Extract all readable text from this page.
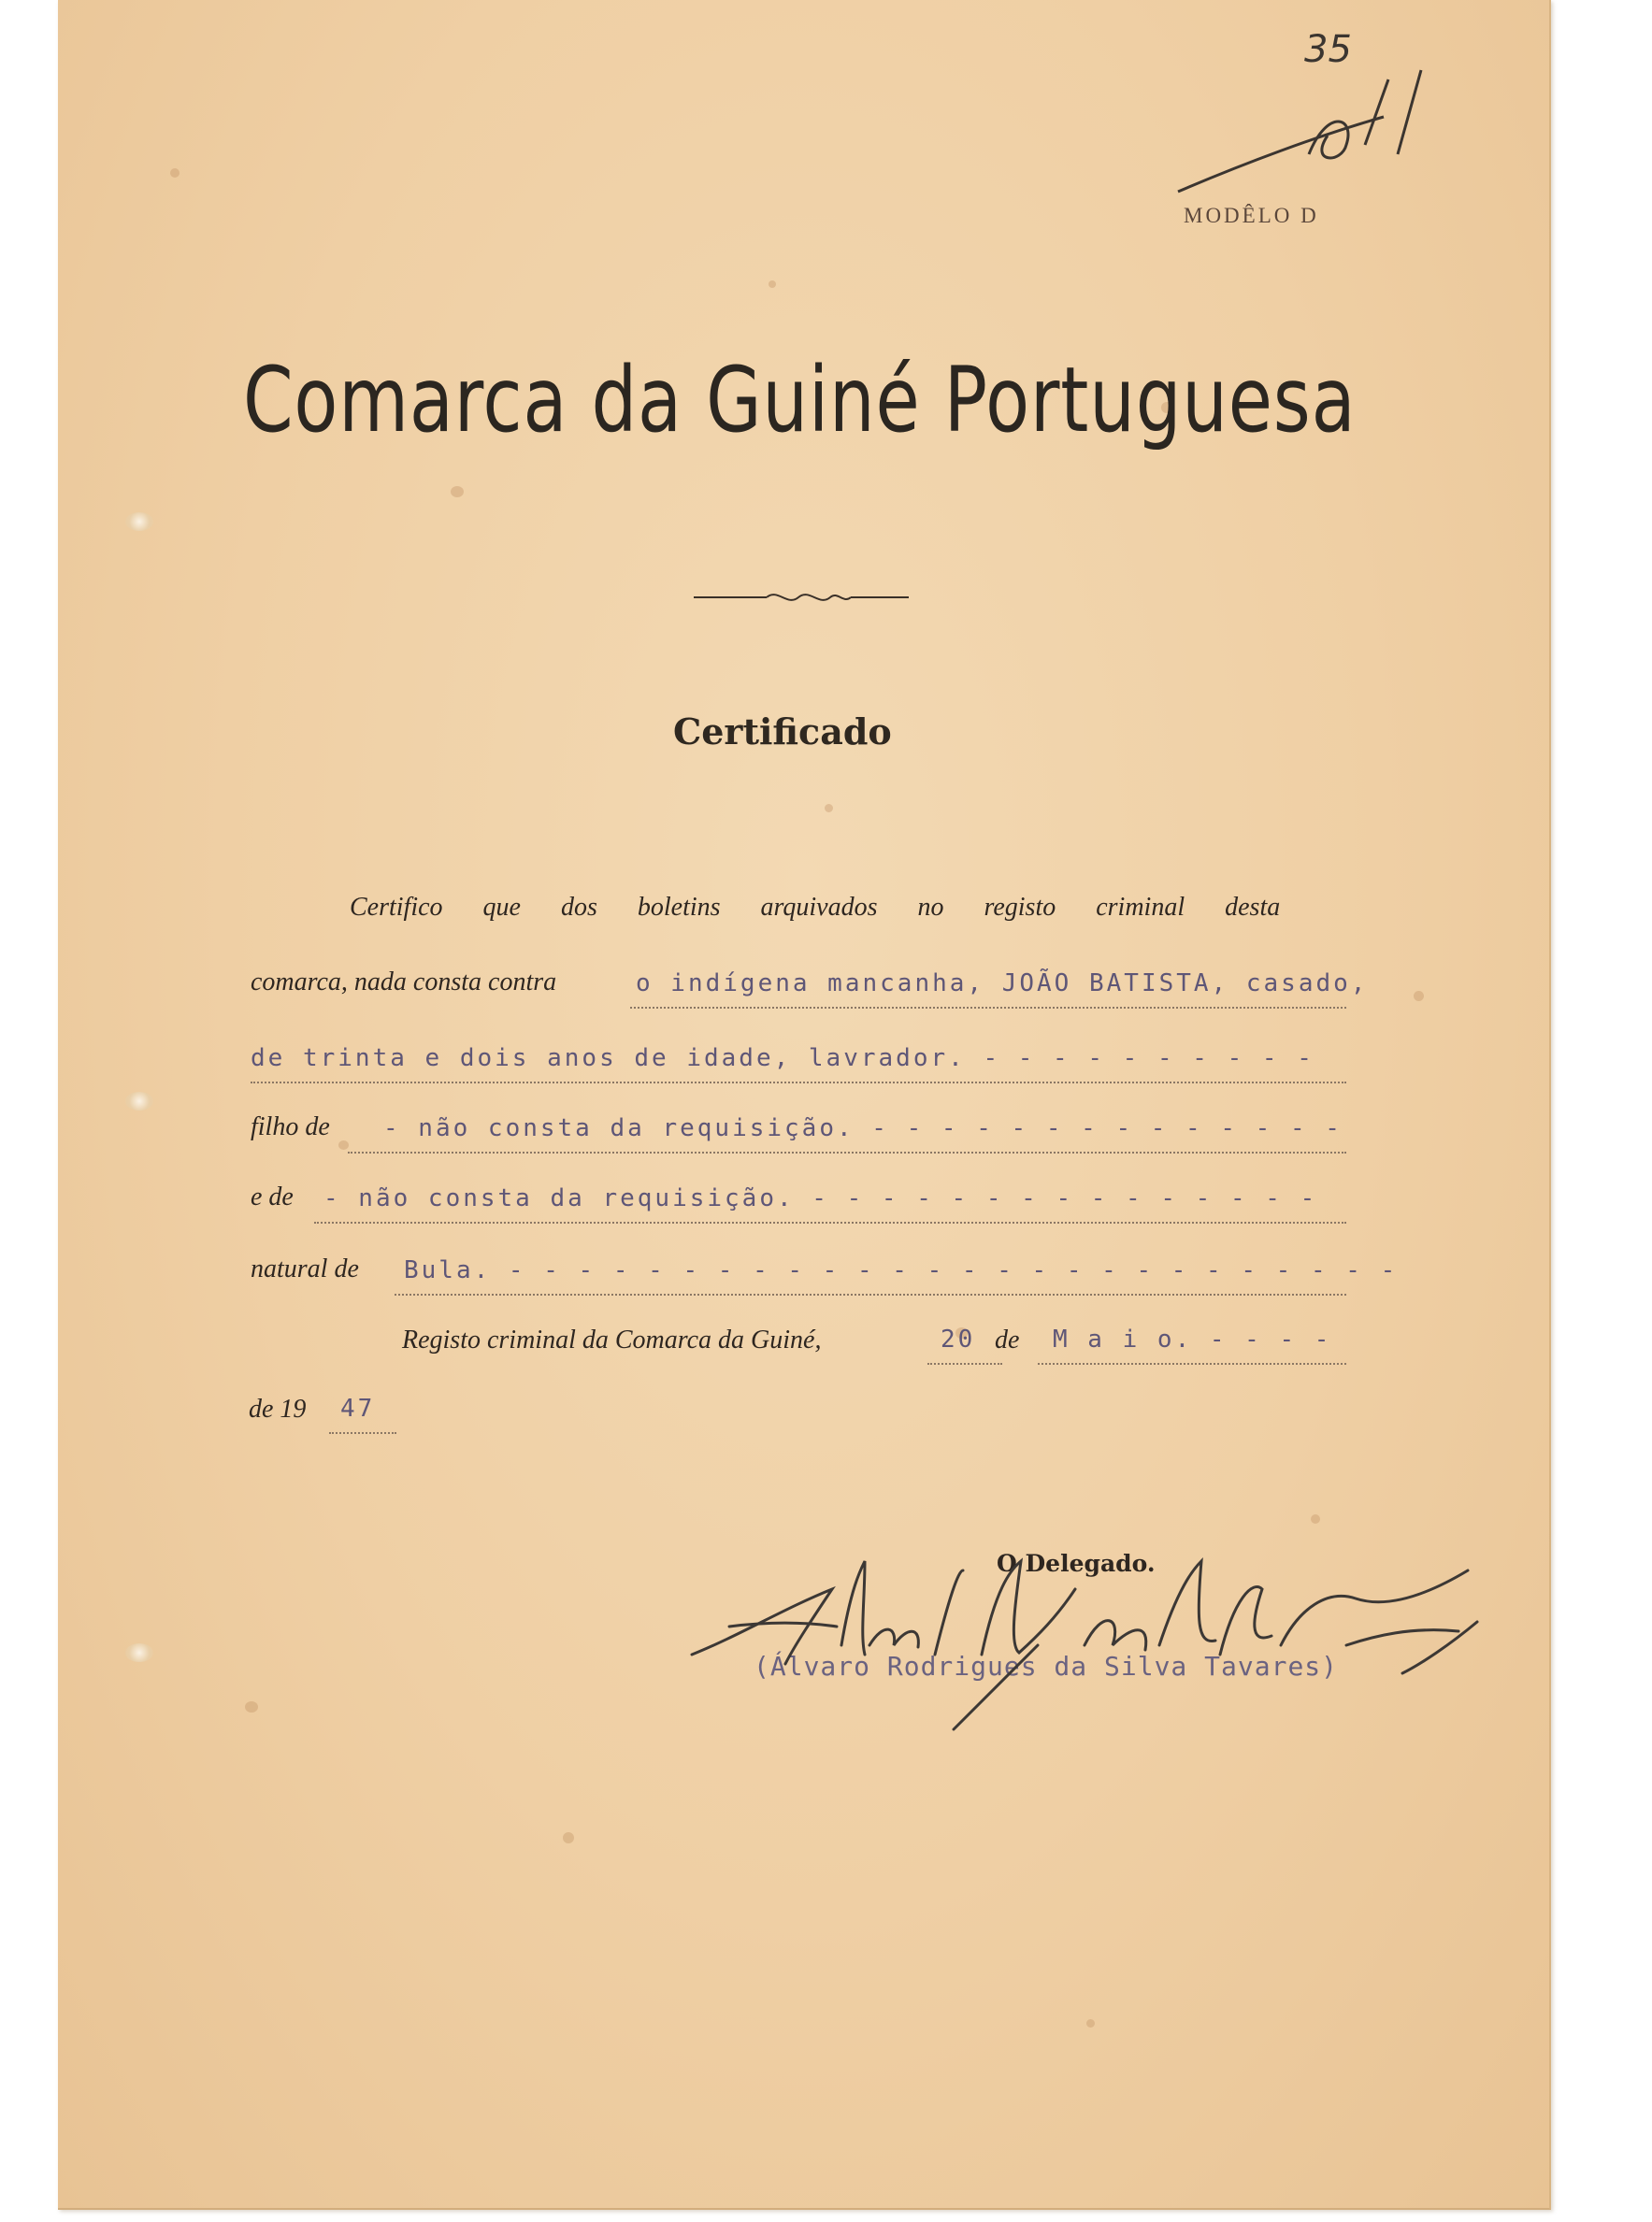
35
MODÊLO D
Comarca da Guiné Portuguesa
Certificado
Certifico que dos boletins arquivados no registo criminal desta
comarca, nada consta contra	o indígena mancanha, JOÃO BATISTA, casado,
de trinta e dois anos de idade, lavrador. - - - - - - - - - -
filho de - não consta da requisição. - - - - - - - - - - - - - -
e de - não consta da requisição. - - - - - - - - - - - - - - -
natural de Bula. - - - - - - - - - - - - - - - - - - - - - - - - - -
Registo criminal da Comarca da Guiné,	20 de M a i o. - - - -
de 19 47
O Delegado.
(Álvaro Rodrigues da Silva Tavares)
